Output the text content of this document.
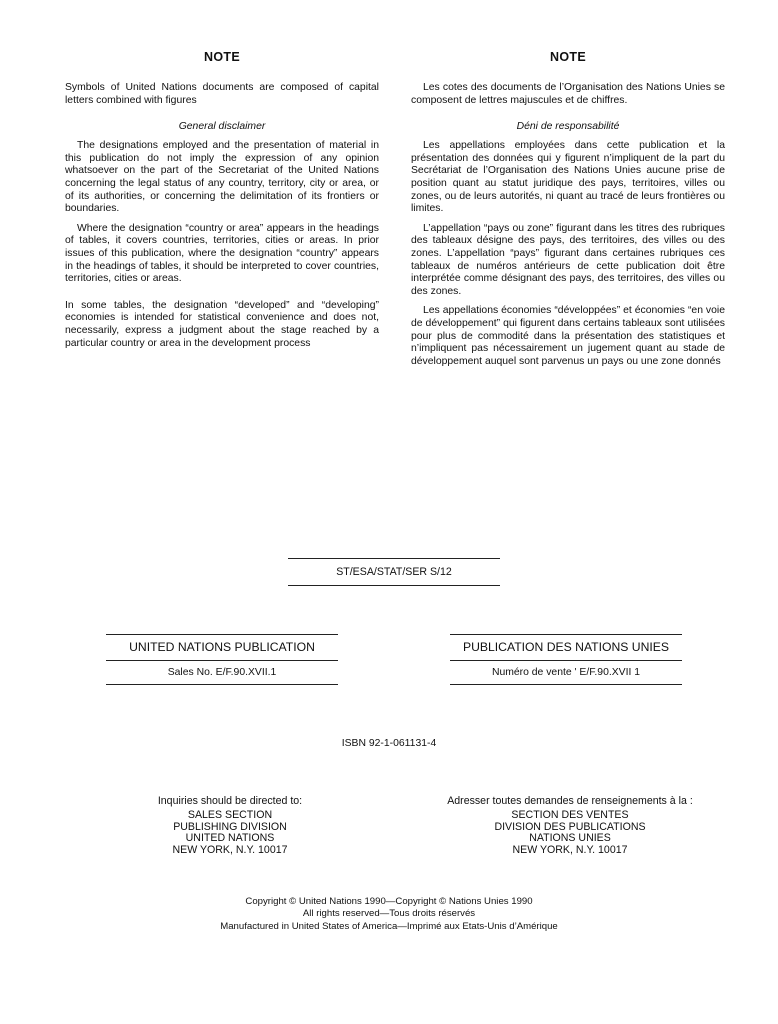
NOTE

Symbols of United Nations documents are composed of capital letters combined with figures

General disclaimer

The designations employed and the presentation of material in this publication do not imply the expression of any opinion whatsoever on the part of the Secretariat of the United Nations concerning the legal status of any country, territory, city or area, or of its authorities, or concerning the delimitation of its frontiers or boundaries.

Where the designation “country or area” appears in the headings of tables, it covers countries, territories, cities or areas. In prior issues of this publication, where the designation “country” appears in the headings of tables, it should be interpreted to cover countries, territories, cities or areas.

In some tables, the designation “developed” and “developing” economies is intended for statistical convenience and does not, necessarily, express a judgment about the stage reached by a particular country or area in the development process

NOTE

Les cotes des documents de l’Organisation des Nations Unies se composent de lettres majuscules et de chiffres.

Déni de responsabilité

Les appellations employées dans cette publication et la présentation des données qui y figurent n’impliquent de la part du Secrétariat de l’Organisation des Nations Unies aucune prise de position quant au statut juridique des pays, territoires, villes ou zones, ou de leurs autorités, ni quant au tracé de leurs frontières ou limites.

L’appellation “pays ou zone” figurant dans les titres des rubriques des tableaux désigne des pays, des territoires, des villes ou des zones. L’appellation “pays” figurant dans certaines rubriques ces tableaux de numéros antérieurs de cette publication doit être interprétée comme désignant des pays, des territoires, des villes ou des zones.

Les appellations économies “développées” et économies “en voie de développement” qui figurent dans certains tableaux sont utilisées pour plus de commodité dans la présentation des statistiques et n’impliquent pas nécessairement un jugement quant au stade de développement auquel sont parvenus un pays ou une zone donnés

ST/ESA/STAT/SER S/12
UNITED NATIONS PUBLICATION
Sales No. E/F.90.XVII.1
PUBLICATION DES NATIONS UNIES
Numéro de vente ' E/F.90.XVII 1
ISBN 92-1-061131-4
Inquiries should be directed to:
SALES SECTION
PUBLISHING DIVISION
UNITED NATIONS
NEW YORK, N.Y. 10017
Adresser toutes demandes de renseignements à la :
SECTION DES VENTES
DIVISION DES PUBLICATIONS
NATIONS UNIES
NEW YORK, N.Y. 10017
Copyright © United Nations 1990—Copyright © Nations Unies 1990
All rights reserved—Tous droits réservés
Manufactured in United States of America—Imprimé aux Etats-Unis d’Amérique
